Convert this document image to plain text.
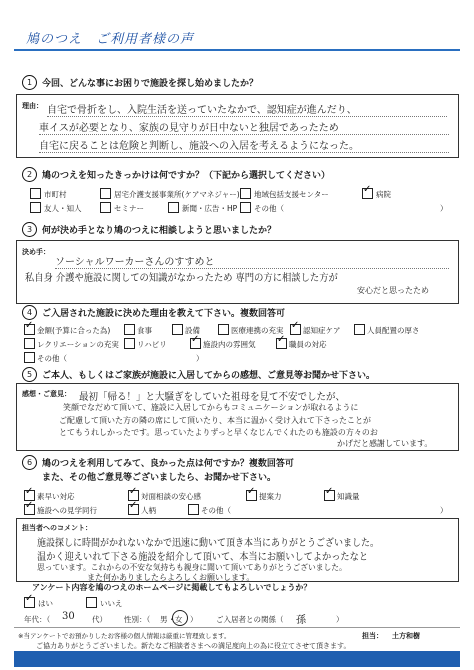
鳩のつえ　ご利用者様の声
1	今回、どんな事にお困りで施設を探し始めましたか？
理由： 自宅で骨折をし、入院生活を送っていたなかで、認知症が進んだり、
車イスが必要となり、家族の見守りが日中ないと独居であったため
自宅に戻ることは危険と判断し、施設への入居を考えるようになった。
2	鳩のつえを知ったきっかけは何ですか？（下記から選択してください）
市町村	居宅介護支援事業所(ケアマネジャー) 地域包括支援センター	✓ 病院
友人・知人	セミナー	新聞・広告・HP その他（	）
3	何が決め手となり鳩のつえに相談しようと思いましたか？
決め手：
ソーシャルワーカーさんのすすめと
私自身 介護や施設に関しての知識がなかったため 専門の方に相談した方が
安心だと思ったため
4	ご入居された施設に決めた理由を教えて下さい。複数回答可
✓ 金額(予算に合った為)	食事	設備	医療連携の充実 ✓ 認知症ケア	人員配置の厚さ
レクリエーションの充実 リハビリ ✓ 施設内の雰囲気 ✓ 職員の対応
その他（	）
5	ご本人、もしくはご家族が施設に入居してからの感想、ご意見等お聞かせ下さい。
感想・ご意見： 最初「帰る！」と大騒ぎをしていた祖母を見て不安でしたが、
笑顔でなだめて頂いて、施設に入居してからもコミュニケーションが取れるように
ご配慮して頂いた方の隣の席にして頂いたり、本当に温かく受け入れて下さったことが
とてもうれしかったです。思っていたよりずっと早くなじんでくれたのも施設の方々のお
かげだと感謝しています。
6	鳩のつえを利用してみて、良かった点は何ですか？複数回答可
また、その他ご意見等ございましたら、お聞かせ下さい。
✓ 素早い対応	✓ 対面相談の安心感	✓ 提案力	✓ 知識量
✓ 施設への見学同行	✓ 人柄	その他（	）
担当者へのコメント：
施設探しに時間がかれないなかで迅速に動いて頂き本当にありがとうございました。
温かく迎えいれて下さる施設を紹介して頂いて、本当にお願いしてよかったなと
思っています。これからの不安な気持ちも親身に聞いて頂いてありがとうございました。
また何かありましたらよろしくお願いします。
アンケート内容を鳩のつえのホームページに掲載してもよろしいでしょうか？
✓ はい	いいえ
年代：（ 30 代） 性別：（ 男 ・ 女 ） ご入居者との関係（ 孫	）
※当アンケートでお預かりしたお客様の個人情報は厳重に管理致します。	担当： 土方和樹
ご協力ありがとうございました。新たなご相談者さまへの満足度向上の為に役立てさせて頂きます。
